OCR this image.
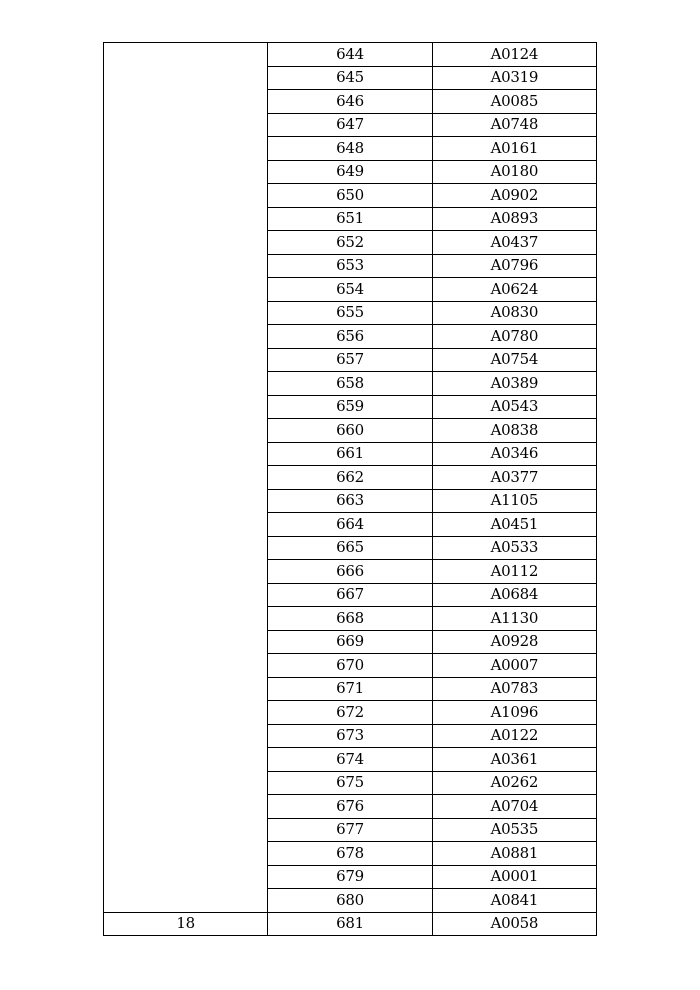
	644	A0124
	645	A0319
	646	A0085
	647	A0748
	648	A0161
	649	A0180
	650	A0902
	651	A0893
	652	A0437
	653	A0796
	654	A0624
	655	A0830
	656	A0780
	657	A0754
	658	A0389
	659	A0543
	660	A0838
	661	A0346
	662	A0377
	663	A1105
	664	A0451
	665	A0533
	666	A0112
	667	A0684
	668	A1130
	669	A0928
	670	A0007
	671	A0783
	672	A1096
	673	A0122
	674	A0361
	675	A0262
	676	A0704
	677	A0535
	678	A0881
	679	A0001
	680	A0841
18	681	A0058
